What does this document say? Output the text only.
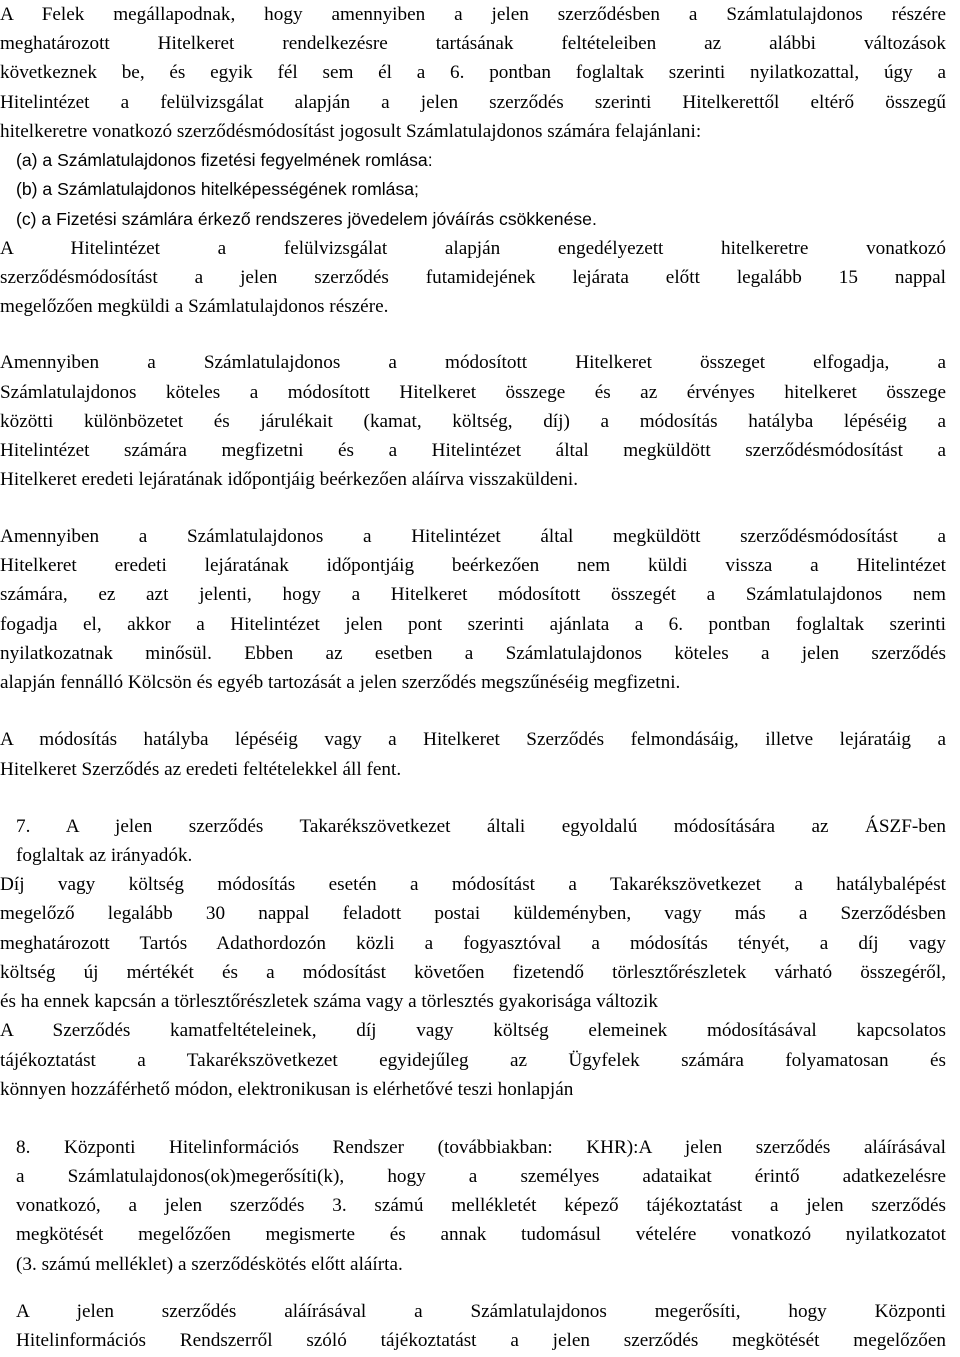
A Felek megállapodnak, hogy amennyiben a jelen szerződésben a Számlatulajdonos részére
meghatározott Hitelkeret rendelkezésre tartásának feltételeiben az alábbi változások
következnek be, és egyik fél sem él a 6. pontban foglaltak szerinti nyilatkozattal, úgy a
Hitelintézet a felülvizsgálat alapján a jelen szerződés szerinti Hitelkerettől eltérő összegű
hitelkeretre vonatkozó szerződésmódosítást jogosult Számlatulajdonos számára felajánlani:
(a) a Számlatulajdonos fizetési fegyelmének romlása:
(b) a Számlatulajdonos hitelképességének romlása;
(c) a Fizetési számlára érkező rendszeres jövedelem jóváírás csökkenése.
A Hitelintézet a felülvizsgálat alapján engedélyezett hitelkeretre vonatkozó
szerződésmódosítást a jelen szerződés futamidejének lejárata előtt legalább 15 nappal
megelőzően megküldi a Számlatulajdonos részére.
Amennyiben a Számlatulajdonos a módosított Hitelkeret összeget elfogadja, a
Számlatulajdonos köteles a módosított Hitelkeret összege és az érvényes hitelkeret összege
közötti különbözetet és járulékait (kamat, költség, díj) a módosítás hatályba lépéséig a
Hitelintézet számára megfizetni és a Hitelintézet által megküldött szerződésmódosítást a
Hitelkeret eredeti lejáratának időpontjáig beérkezően aláírva visszaküldeni.
Amennyiben a Számlatulajdonos a Hitelintézet által megküldött szerződésmódosítást a
Hitelkeret eredeti lejáratának időpontjáig beérkezően nem küldi vissza a Hitelintézet
számára, ez azt jelenti, hogy a Hitelkeret módosított összegét a Számlatulajdonos nem
fogadja el, akkor a Hitelintézet jelen pont szerinti ajánlata a 6. pontban foglaltak szerinti
nyilatkozatnak minősül. Ebben az esetben a Számlatulajdonos köteles a jelen szerződés
alapján fennálló Kölcsön és egyéb tartozását a jelen szerződés megszűnéséig megfizetni.
A módosítás hatályba lépéséig vagy a Hitelkeret Szerződés felmondásáig, illetve lejáratáig a
Hitelkeret Szerződés az eredeti feltételekkel áll fent.
7. A jelen szerződés Takarékszövetkezet általi egyoldalú módosítására az ÁSZF-ben
foglaltak az irányadók.
Díj vagy költség módosítás esetén a módosítást a Takarékszövetkezet a hatálybalépést
megelőző legalább 30 nappal feladott postai küldeményben, vagy más a Szerződésben
meghatározott Tartós Adathordozón közli a fogyasztóval a módosítás tényét, a díj vagy
költség új mértékét és a módosítást követően fizetendő törlesztőrészletek várható összegéről,
és ha ennek kapcsán a törlesztőrészletek száma vagy a törlesztés gyakorisága változik
A Szerződés kamatfeltételeinek, díj vagy költség elemeinek módosításával kapcsolatos
tájékoztatást a Takarékszövetkezet egyidejűleg az Ügyfelek számára folyamatosan és
könnyen hozzáférhető módon, elektronikusan is elérhetővé teszi honlapján
8. Központi Hitelinformációs Rendszer (továbbiakban: KHR):A jelen szerződés aláírásával
a Számlatulajdonos(ok)megerősíti(k), hogy a személyes adataikat érintő adatkezelésre
vonatkozó, a jelen szerződés 3. számú mellékletét képező tájékoztatást a jelen szerződés
megkötését megelőzően megismerte és annak tudomásul vételére vonatkozó nyilatkozatot
(3. számú melléklet) a szerződéskötés előtt aláírta.
A jelen szerződés aláírásával a Számlatulajdonos megerősíti, hogy Központi
Hitelinformációs Rendszerről szóló tájékoztatást a jelen szerződés megkötését megelőzően
